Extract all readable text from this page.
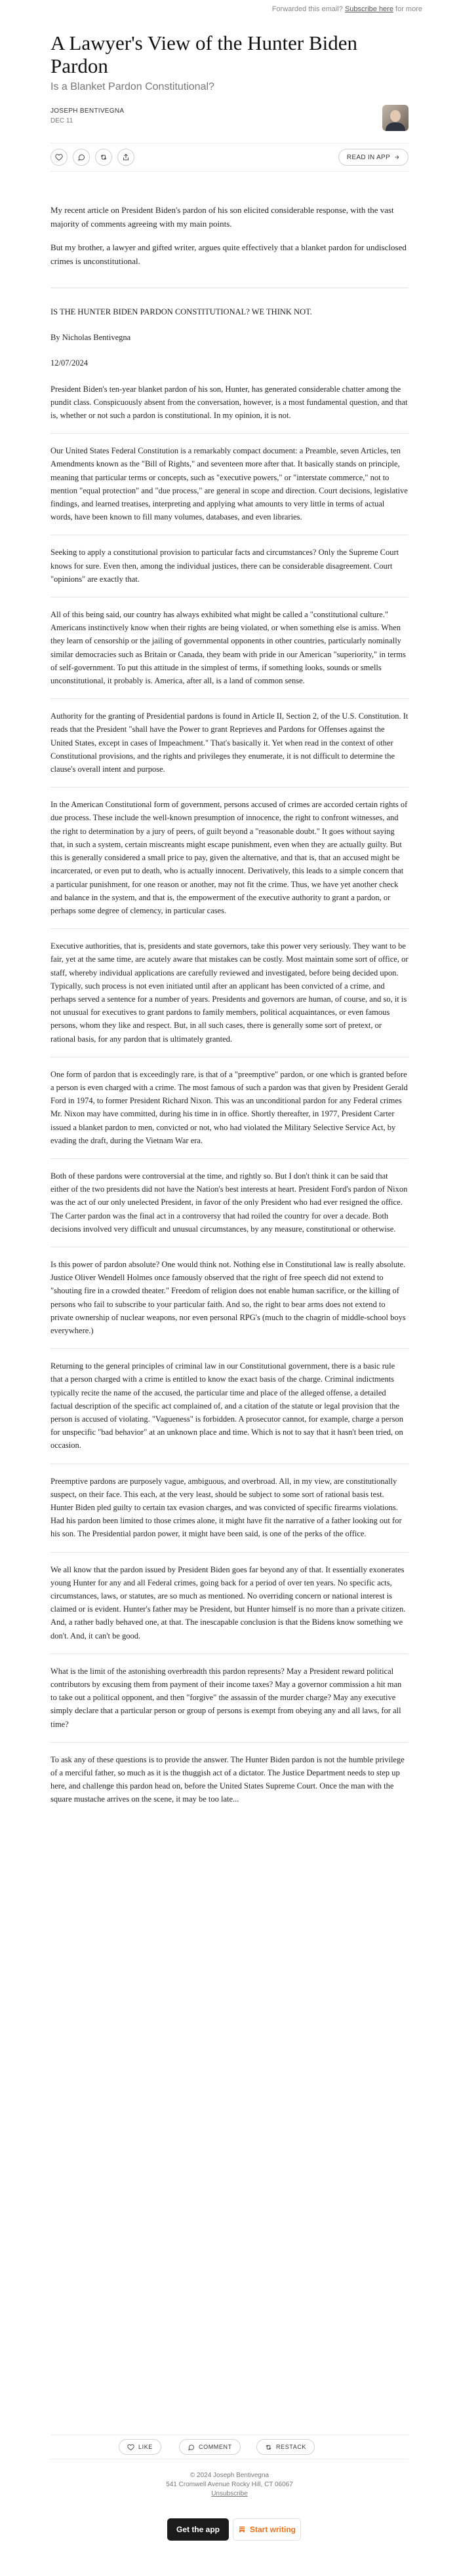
Forwarded this email? Subscribe here for more
A Lawyer's View of the Hunter Biden Pardon
Is a Blanket Pardon Constitutional?
JOSEPH BENTIVEGNA
DEC 11
READ IN APP

My recent article on President Biden's pardon of his son elicited considerable response, with the vast majority of comments agreeing with my main points.

But my brother, a lawyer and gifted writer, argues quite effectively that a blanket pardon for undisclosed crimes is unconstitutional.

IS THE HUNTER BIDEN PARDON CONSTITUTIONAL? WE THINK NOT.

By Nicholas Bentivegna

12/07/2024

President Biden's ten-year blanket pardon of his son, Hunter, has generated considerable chatter among the pundit class. Conspicuously absent from the conversation, however, is a most fundamental question, and that is, whether or not such a pardon is constitutional. In my opinion, it is not.

Our United States Federal Constitution is a remarkably compact document: a Preamble, seven Articles, ten Amendments known as the "Bill of Rights," and seventeen more after that. It basically stands on principle, meaning that particular terms or concepts, such as "executive powers," or "interstate commerce," not to mention "equal protection" and "due process," are general in scope and direction. Court decisions, legislative findings, and learned treatises, interpreting and applying what amounts to very little in terms of actual words, have been known to fill many volumes, databases, and even libraries.

Seeking to apply a constitutional provision to particular facts and circumstances? Only the Supreme Court knows for sure. Even then, among the individual justices, there can be considerable disagreement. Court "opinions" are exactly that.

All of this being said, our country has always exhibited what might be called a "constitutional culture." Americans instinctively know when their rights are being violated, or when something else is amiss. When they learn of censorship or the jailing of governmental opponents in other countries, particularly nominally similar democracies such as Britain or Canada, they beam with pride in our American "superiority," in terms of self-government. To put this attitude in the simplest of terms, if something looks, sounds or smells unconstitutional, it probably is. America, after all, is a land of common sense.

Authority for the granting of Presidential pardons is found in Article II, Section 2, of the U.S. Constitution. It reads that the President "shall have the Power to grant Reprieves and Pardons for Offenses against the United States, except in cases of Impeachment." That's basically it. Yet when read in the context of other Constitutional provisions, and the rights and privileges they enumerate, it is not difficult to determine the clause's overall intent and purpose.

In the American Constitutional form of government, persons accused of crimes are accorded certain rights of due process. These include the well-known presumption of innocence, the right to confront witnesses, and the right to determination by a jury of peers, of guilt beyond a "reasonable doubt." It goes without saying that, in such a system, certain miscreants might escape punishment, even when they are actually guilty. But this is generally considered a small price to pay, given the alternative, and that is, that an accused might be incarcerated, or even put to death, who is actually innocent. Derivatively, this leads to a simple concern that a particular punishment, for one reason or another, may not fit the crime. Thus, we have yet another check and balance in the system, and that is, the empowerment of the executive authority to grant a pardon, or perhaps some degree of clemency, in particular cases.

Executive authorities, that is, presidents and state governors, take this power very seriously. They want to be fair, yet at the same time, are acutely aware that mistakes can be costly. Most maintain some sort of office, or staff, whereby individual applications are carefully reviewed and investigated, before being decided upon. Typically, such process is not even initiated until after an applicant has been convicted of a crime, and perhaps served a sentence for a number of years. Presidents and governors are human, of course, and so, it is not unusual for executives to grant pardons to family members, political acquaintances, or even famous persons, whom they like and respect. But, in all such cases, there is generally some sort of pretext, or rational basis, for any pardon that is ultimately granted.

One form of pardon that is exceedingly rare, is that of a "preemptive" pardon, or one which is granted before a person is even charged with a crime. The most famous of such a pardon was that given by President Gerald Ford in 1974, to former President Richard Nixon. This was an unconditional pardon for any Federal crimes Mr. Nixon may have committed, during his time in in office. Shortly thereafter, in 1977, President Carter issued a blanket pardon to men, convicted or not, who had violated the Military Selective Service Act, by evading the draft, during the Vietnam War era.

Both of these pardons were controversial at the time, and rightly so. But I don't think it can be said that either of the two presidents did not have the Nation's best interests at heart. President Ford's pardon of Nixon was the act of our only unelected President, in favor of the only President who had ever resigned the office. The Carter pardon was the final act in a controversy that had roiled the country for over a decade. Both decisions involved very difficult and unusual circumstances, by any measure, constitutional or otherwise.

Is this power of pardon absolute? One would think not. Nothing else in Constitutional law is really absolute. Justice Oliver Wendell Holmes once famously observed that the right of free speech did not extend to "shouting fire in a crowded theater." Freedom of religion does not enable human sacrifice, or the killing of persons who fail to subscribe to your particular faith. And so, the right to bear arms does not extend to private ownership of nuclear weapons, nor even personal RPG's (much to the chagrin of middle-school boys everywhere.)

Returning to the general principles of criminal law in our Constitutional government, there is a basic rule that a person charged with a crime is entitled to know the exact basis of the charge. Criminal indictments typically recite the name of the accused, the particular time and place of the alleged offense, a detailed factual description of the specific act complained of, and a citation of the statute or legal provision that the person is accused of violating. "Vagueness" is forbidden. A prosecutor cannot, for example, charge a person for unspecific "bad behavior" at an unknown place and time. Which is not to say that it hasn't been tried, on occasion.

Preemptive pardons are purposely vague, ambiguous, and overbroad. All, in my view, are constitutionally suspect, on their face. This each, at the very least, should be subject to some sort of rational basis test. Hunter Biden pled guilty to certain tax evasion charges, and was convicted of specific firearms violations. Had his pardon been limited to those crimes alone, it might have fit the narrative of a father looking out for his son. The Presidential pardon power, it might have been said, is one of the perks of the office.

We all know that the pardon issued by President Biden goes far beyond any of that. It essentially exonerates young Hunter for any and all Federal crimes, going back for a period of over ten years. No specific acts, circumstances, laws, or statutes, are so much as mentioned. No overriding concern or national interest is claimed or is evident. Hunter's father may be President, but Hunter himself is no more than a private citizen. And, a rather badly behaved one, at that. The inescapable conclusion is that the Bidens know something we don't. And, it can't be good.

What is the limit of the astonishing overbreadth this pardon represents? May a President reward political contributors by excusing them from payment of their income taxes? May a governor commission a hit man to take out a political opponent, and then "forgive" the assassin of the murder charge? May any executive simply declare that a particular person or group of persons is exempt from obeying any and all laws, for all time?

To ask any of these questions is to provide the answer. The Hunter Biden pardon is not the humble privilege of a merciful father, so much as it is the thuggish act of a dictator. The Justice Department needs to step up here, and challenge this pardon head on, before the United States Supreme Court. Once the man with the square mustache arrives on the scene, it may be too late...

LIKE	COMMENT	RESTACK
© 2024 Joseph Bentivegna
541 Cromwell Avenue Rocky Hill, CT 06067
Unsubscribe
Get the app	Start writing
